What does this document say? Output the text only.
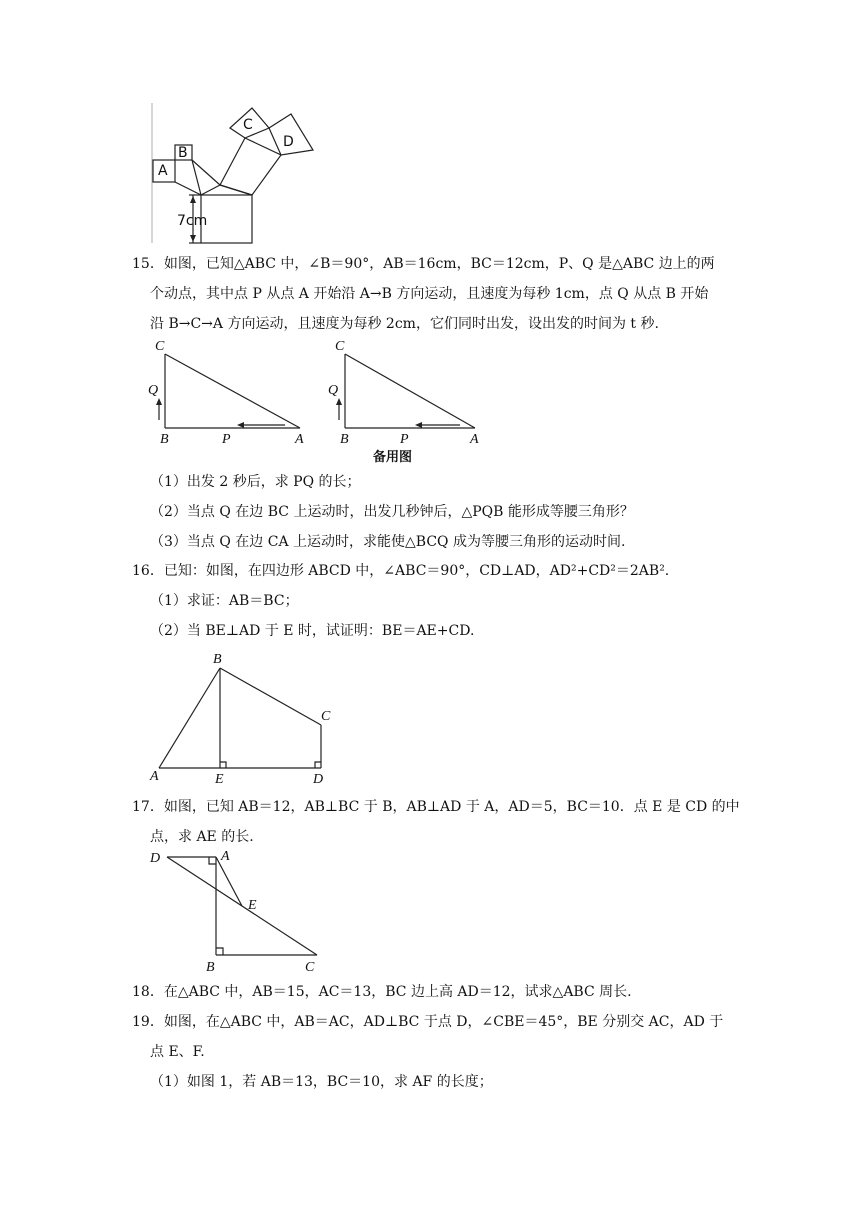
A
B
C
D
7cm
15．如图，已知△ABC 中，∠B＝90°，AB＝16cm，BC＝12cm，P、Q 是△ABC 边上的两
个动点，其中点 P 从点 A 开始沿 A→B 方向运动，且速度为每秒 1cm，点 Q 从点 B 开始
沿 B→C→A 方向运动，且速度为每秒 2cm，它们同时出发，设出发的时间为 t 秒.
C
Q
B	P	A
C
Q
B	P	A
备用图
（1）出发 2 秒后，求 PQ 的长；
（2）当点 Q 在边 BC 上运动时，出发几秒钟后，△PQB 能形成等腰三角形？
（3）当点 Q 在边 CA 上运动时，求能使△BCQ 成为等腰三角形的运动时间.
16．已知：如图，在四边形 ABCD 中，∠ABC＝90°，CD⊥AD，AD²+CD²＝2AB².
（1）求证：AB＝BC；
（2）当 BE⊥AD 于 E 时，试证明：BE＝AE+CD.
B
C
A	E	D
17．如图，已知 AB＝12，AB⊥BC 于 B，AB⊥AD 于 A，AD＝5，BC＝10．点 E 是 CD 的中
点，求 AE 的长.
D	A
E
B	C
18．在△ABC 中，AB＝15，AC＝13，BC 边上高 AD＝12，试求△ABC 周长.
19．如图，在△ABC 中，AB＝AC，AD⊥BC 于点 D，∠CBE＝45°，BE 分别交 AC，AD 于
点 E、F.
（1）如图 1，若 AB＝13，BC＝10，求 AF 的长度；
